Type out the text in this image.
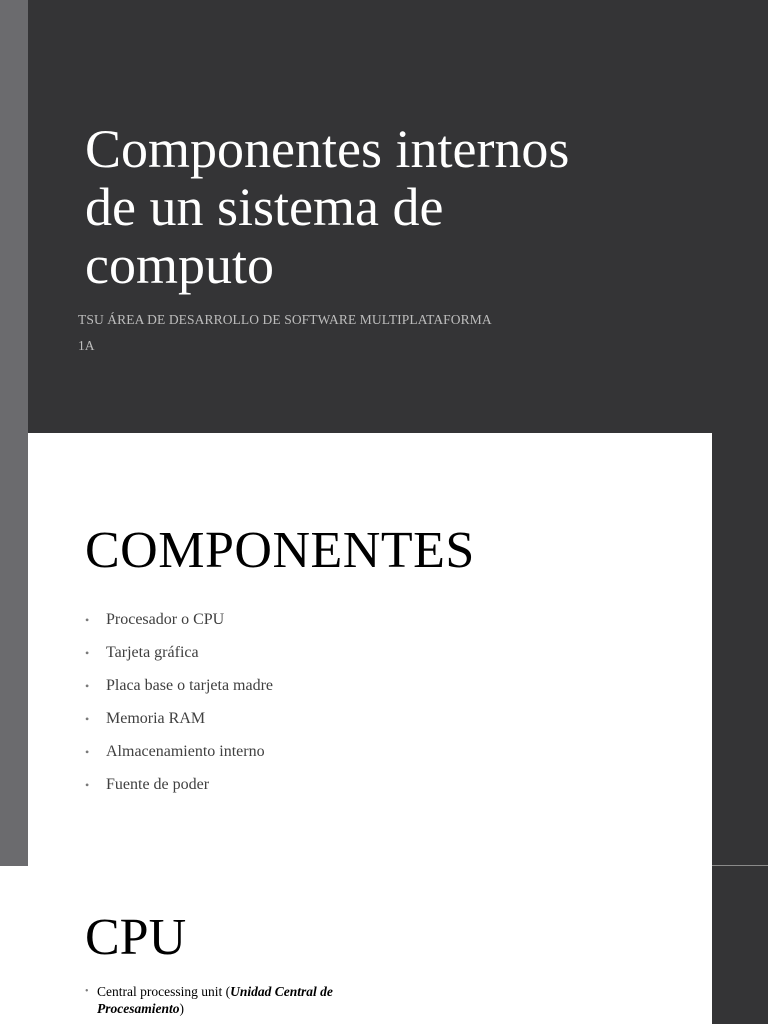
Componentes internos
de un sistema de
computo
TSU ÁREA DE DESARROLLO DE SOFTWARE MULTIPLATAFORMA
1A
COMPONENTES
• Procesador o CPU
• Tarjeta gráfica
• Placa base o tarjeta madre
• Memoria RAM
• Almacenamiento interno
• Fuente de poder
CPU
• Central processing unit (Unidad Central de Procesamiento)
